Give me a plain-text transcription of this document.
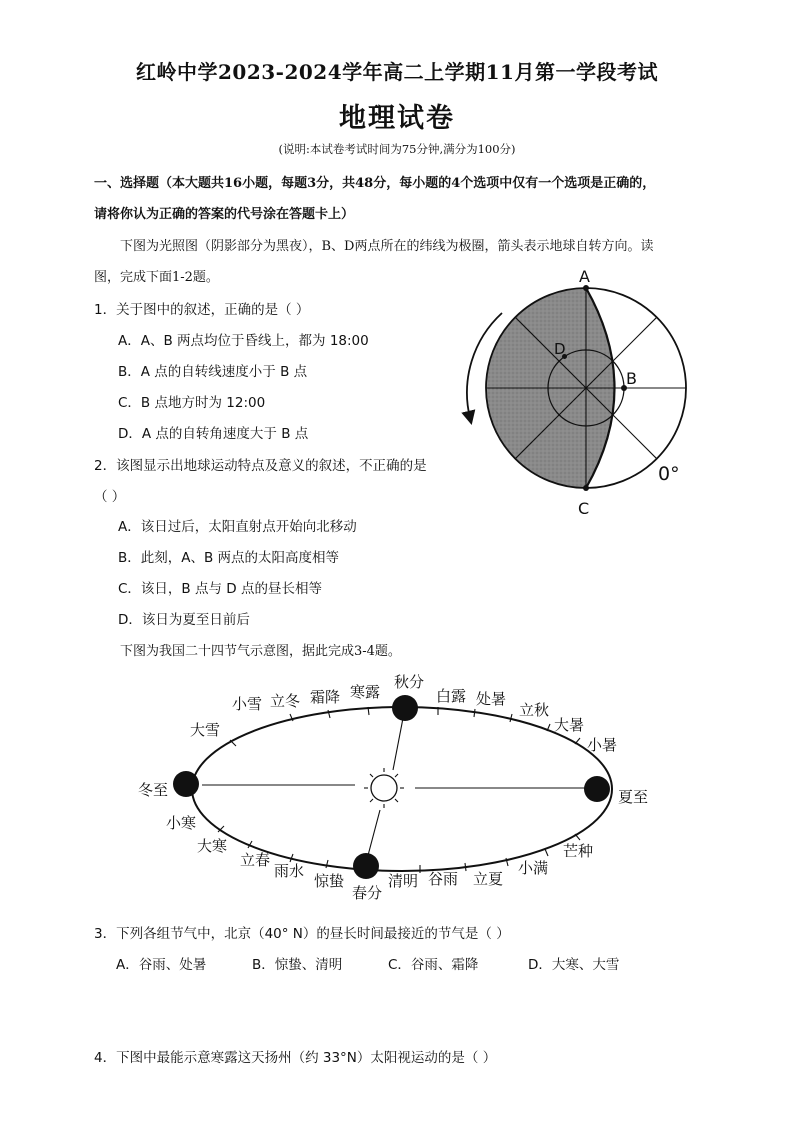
红岭中学2023-2024学年高二上学期11月第一学段考试
地理试卷
(说明:本试卷考试时间为75分钟,满分为100分)
一、选择题（本大题共16小题，每题3分，共48分，每小题的4个选项中仅有一个选项是正确的，
请将你认为正确的答案的代号涂在答题卡上）
下图为光照图（阴影部分为黑夜），B、D两点所在的纬线为极圈，箭头表示地球自转方向。读
图，完成下面1-2题。
1．关于图中的叙述，正确的是（ ）
A．A、B 两点均位于昏线上，都为 18:00
B．A 点的自转线速度小于 B 点
C．B 点地方时为 12:00
D．A 点的自转角速度大于 B 点
2．该图显示出地球运动特点及意义的叙述，不正确的是
（ ）
A．该日过后，太阳直射点开始向北移动
B．此刻，A、B 两点的太阳高度相等
C．该日，B 点与 D 点的昼长相等
D．该日为夏至日前后
A
C
B
D
0°
下图为我国二十四节气示意图，据此完成3-4题。
小雪 立冬 霜降 寒露
秋分
白露 处暑
立秋
大暑
小暑
夏至
芒种
小满
立夏
谷雨
清明
春分
惊蛰
雨水
立春
大寒
小寒
冬至
大雪
3．下列各组节气中，北京（40° N）的昼长时间最接近的节气是（ ）
A．谷雨、处暑	B．惊蛰、清明	C．谷雨、霜降	D．大寒、大雪
4．下图中最能示意寒露这天扬州（约 33°N）太阳视运动的是（ ）
